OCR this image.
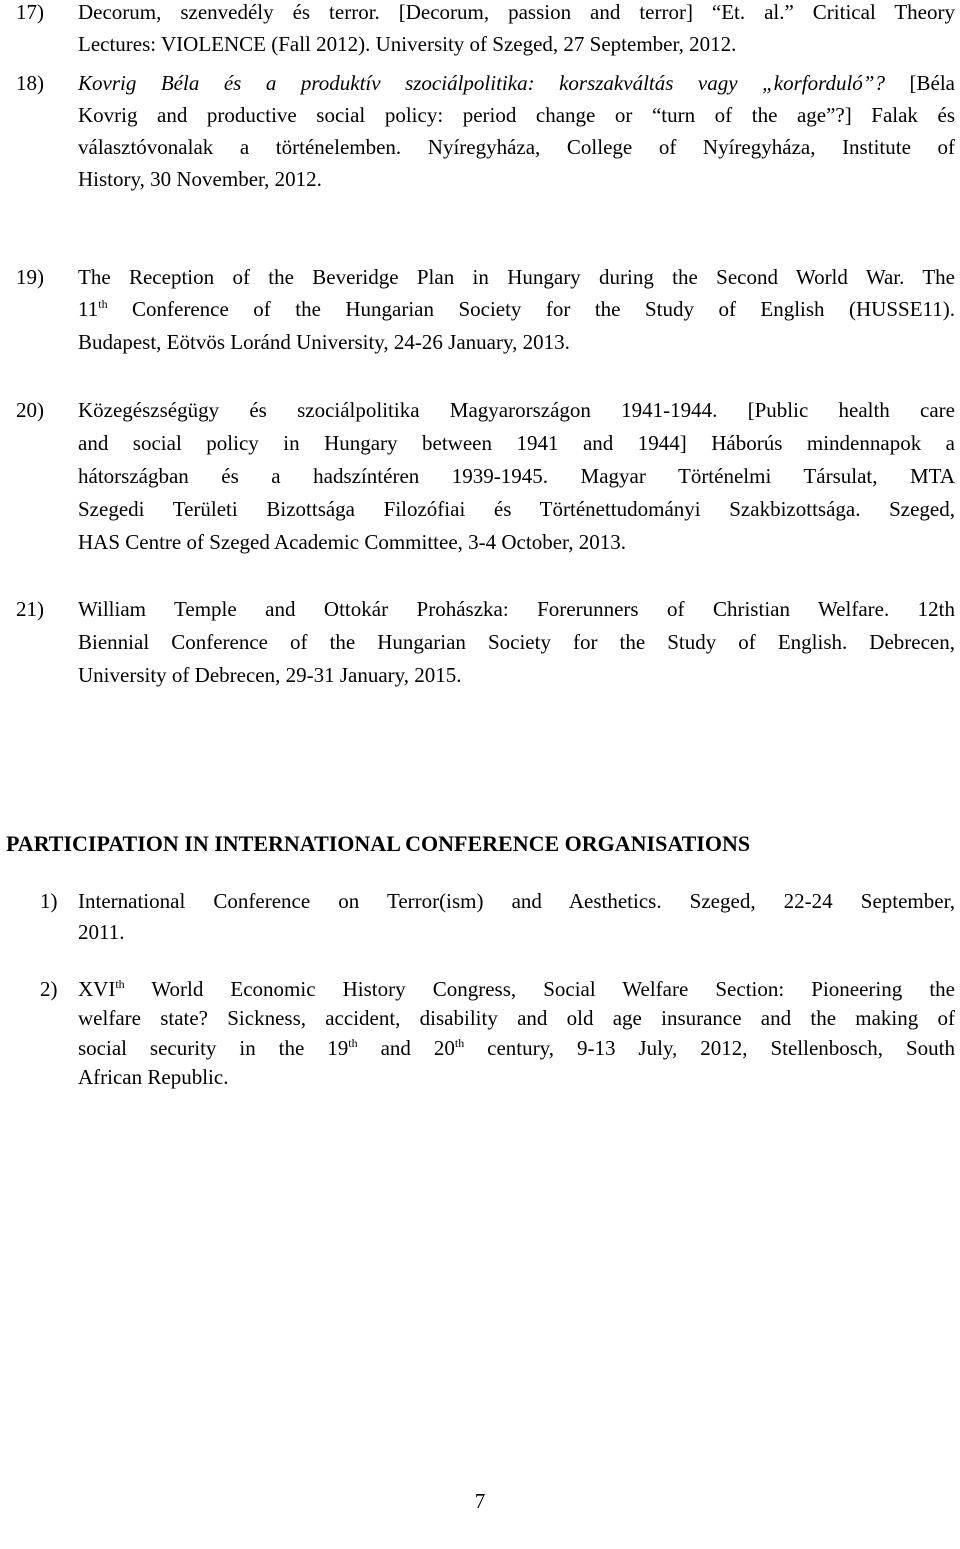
17) Decorum, szenvedély és terror. [Decorum, passion and terror] “Et. al.” Critical Theory
Lectures: VIOLENCE (Fall 2012). University of Szeged, 27 September, 2012.
18) Kovrig Béla és a produktív szociálpolitika: korszakváltás vagy „korforduló”? [Béla
Kovrig and productive social policy: period change or “turn of the age”?] Falak és
választóvonalak a történelemben. Nyíregyháza, College of Nyíregyháza, Institute of
History, 30 November, 2012.
19) The Reception of the Beveridge Plan in Hungary during the Second World War. The
11th Conference of the Hungarian Society for the Study of English (HUSSE11).
Budapest, Eötvös Loránd University, 24-26 January, 2013.
20) Közegészségügy és szociálpolitika Magyarországon 1941-1944. [Public health care
and social policy in Hungary between 1941 and 1944] Háborús mindennapok a
hátországban és a hadszíntéren 1939-1945. Magyar Történelmi Társulat, MTA
Szegedi Területi Bizottsága Filozófiai és Történettudományi Szakbizottsága. Szeged,
HAS Centre of Szeged Academic Committee, 3-4 October, 2013.
21) William Temple and Ottokár Prohászka: Forerunners of Christian Welfare. 12th
Biennial Conference of the Hungarian Society for the Study of English. Debrecen,
University of Debrecen, 29-31 January, 2015.
PARTICIPATION IN INTERNATIONAL CONFERENCE ORGANISATIONS
1) International Conference on Terror(ism) and Aesthetics. Szeged, 22-24 September,
2011.
2) XVIth World Economic History Congress, Social Welfare Section: Pioneering the
welfare state? Sickness, accident, disability and old age insurance and the making of
social security in the 19th and 20th century, 9-13 July, 2012, Stellenbosch, South
African Republic.
7
